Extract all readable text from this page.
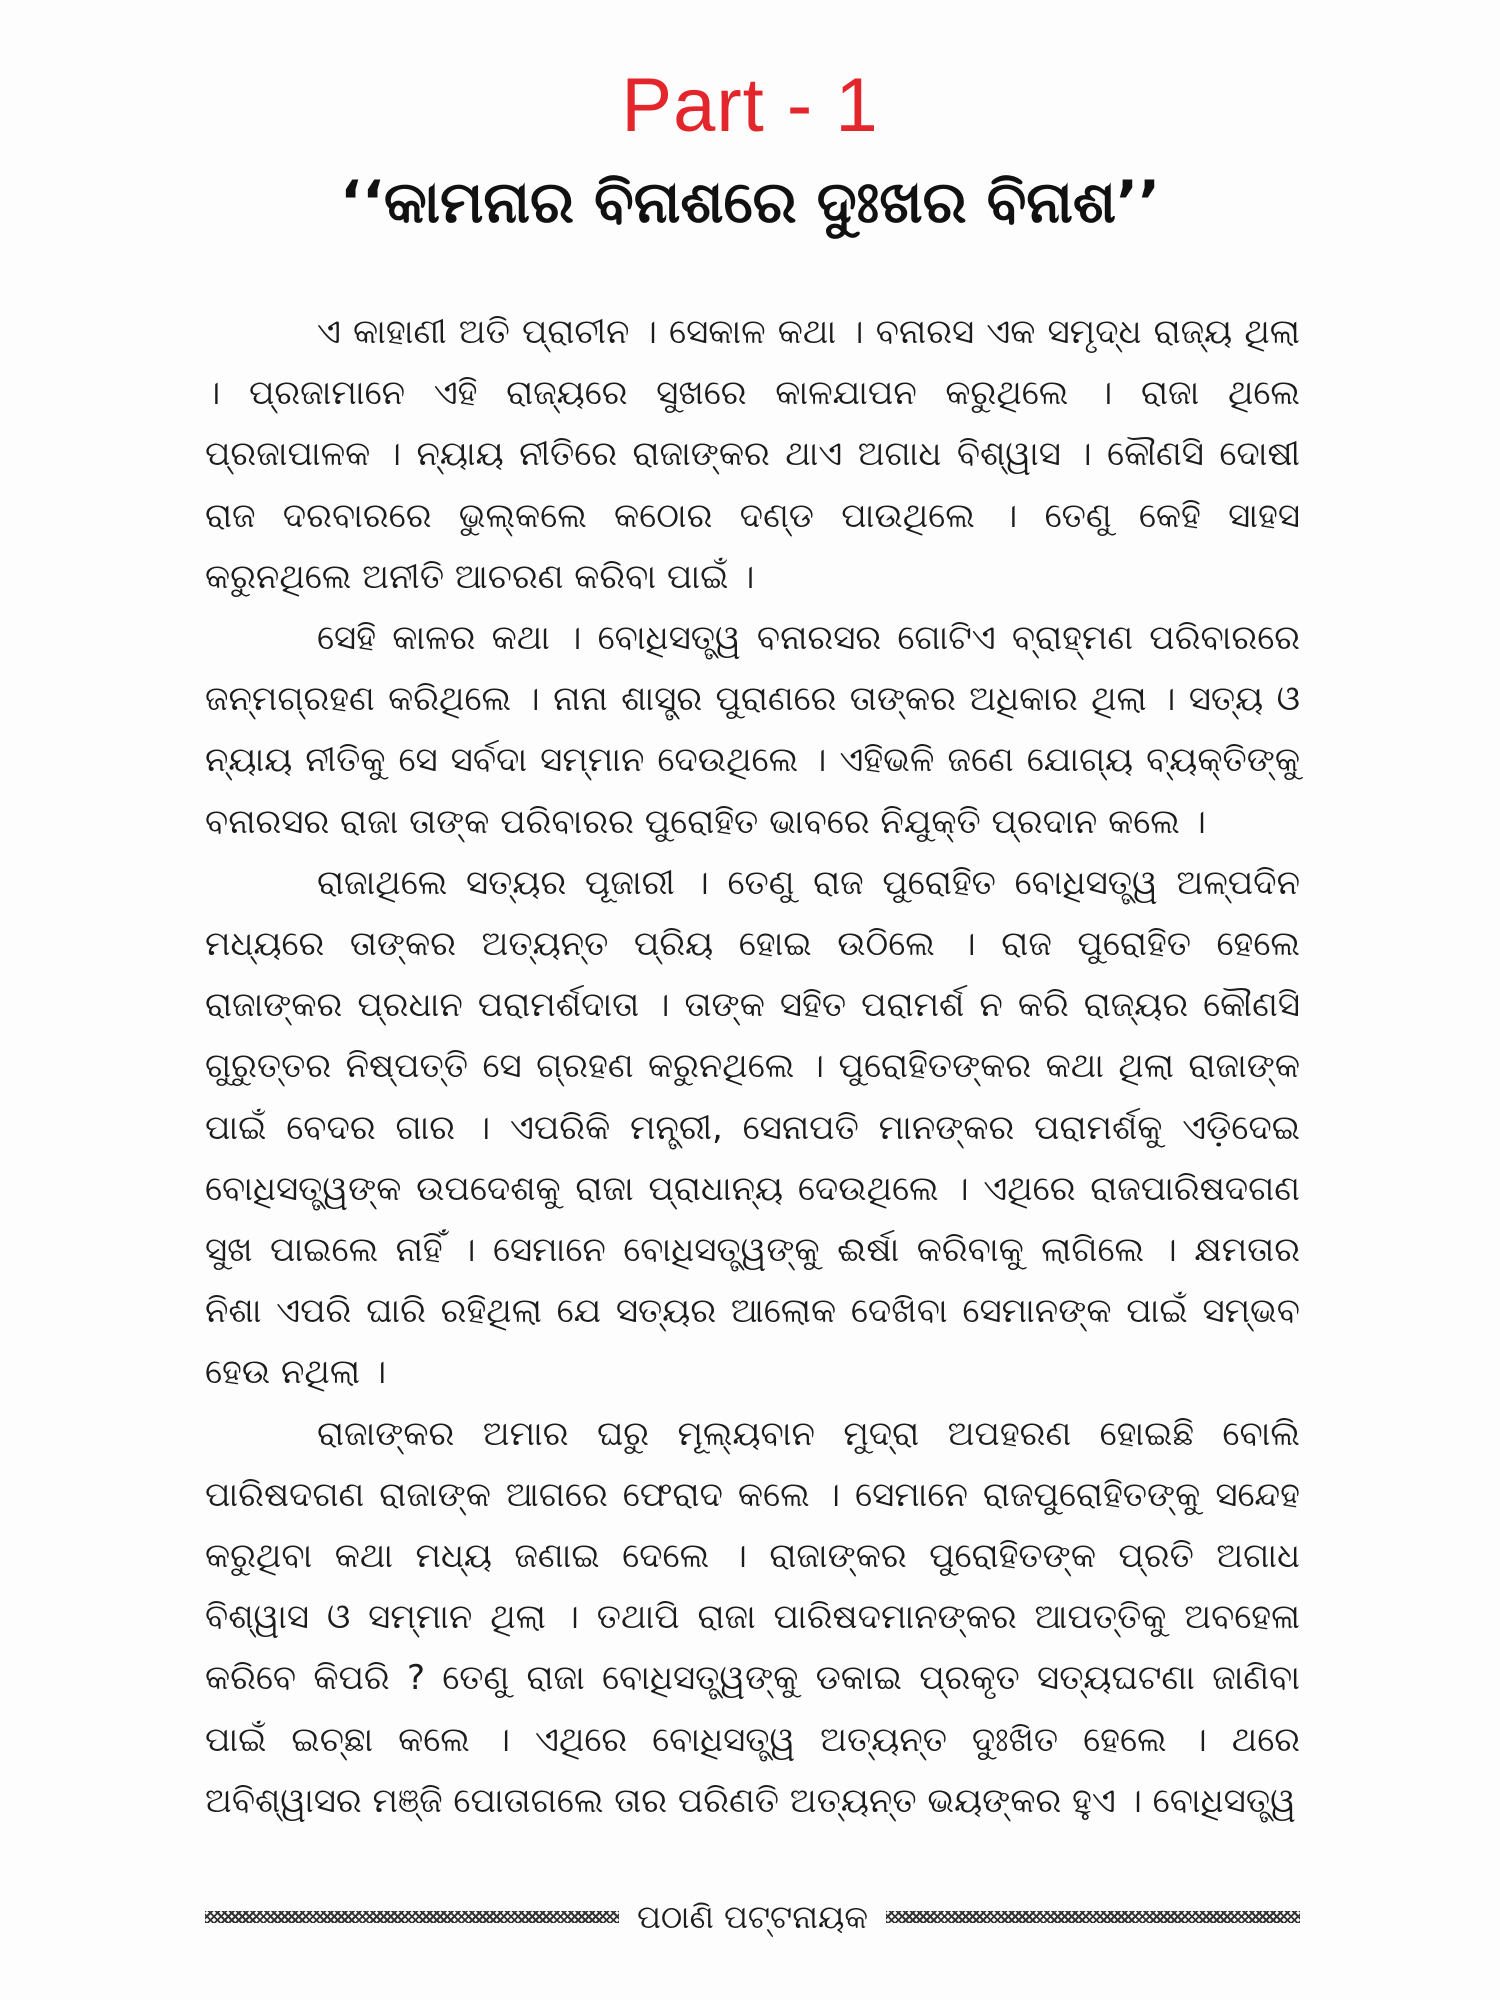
Part - 1
‘‘କାମନାର ବିନାଶରେ ଦୁଃଖର ବିନାଶ’’

ଏ କାହାଣୀ ଅତି ପ୍ରାଚୀନ । ସେକାଳ କଥା । ବନାରସ ଏକ ସମୃଦ୍ଧ ରାଜ୍ୟ ଥିଲା । ପ୍ରଜାମାନେ ଏହି ରାଜ୍ୟରେ ସୁଖରେ କାଳଯାପନ କରୁଥିଲେ । ରାଜା ଥିଲେ ପ୍ରଜାପାଳକ । ନ୍ୟାୟ ନୀତିରେ ରାଜାଙ୍କର ଥାଏ ଅଗାଧ ବିଶ୍ୱାସ । କୌଣସି ଦୋଷୀ ରାଜ ଦରବାରରେ ଭୁଲ୍‌କଲେ କଠୋର ଦଣ୍ଡ ପାଉଥିଲେ । ତେଣୁ କେହି ସାହସ କରୁନଥିଲେ ଅନୀତି ଆଚରଣ କରିବା ପାଇଁ ।

ସେହି କାଳର କଥା । ବୋଧିସତ୍ତ୍ୱ ବନାରସର ଗୋଟିଏ ବ୍ରାହ୍ମଣ ପରିବାରରେ ଜନ୍ମଗ୍ରହଣ କରିଥିଲେ । ନାନା ଶାସ୍ତ୍ର ପୁରାଣରେ ତାଙ୍କର ଅଧିକାର ଥିଲା । ସତ୍ୟ ଓ ନ୍ୟାୟ ନୀତିକୁ ସେ ସର୍ବଦା ସମ୍ମାନ ଦେଉଥିଲେ । ଏହିଭଳି ଜଣେ ଯୋଗ୍ୟ ବ୍ୟକ୍ତିଙ୍କୁ ବନାରସର ରାଜା ତାଙ୍କ ପରିବାରର ପୁରୋହିତ ଭାବରେ ନିଯୁକ୍ତି ପ୍ରଦାନ କଲେ ।

ରାଜାଥିଲେ ସତ୍ୟର ପୂଜାରୀ । ତେଣୁ ରାଜ ପୁରୋହିତ ବୋଧିସତ୍ତ୍ୱ ଅଳ୍ପଦିନ ମଧ୍ୟରେ ତାଙ୍କର ଅତ୍ୟନ୍ତ ପ୍ରିୟ ହୋଇ ଉଠିଲେ । ରାଜ ପୁରୋହିତ ହେଲେ ରାଜାଙ୍କର ପ୍ରଧାନ ପରାମର୍ଶଦାତା । ତାଙ୍କ ସହିତ ପରାମର୍ଶ ନ କରି ରାଜ୍ୟର କୌଣସି ଗୁରୁତ୍ତର ନିଷ୍ପତ୍ତି ସେ ଗ୍ରହଣ କରୁନଥିଲେ । ପୁରୋହିତଙ୍କର କଥା ଥିଲା ରାଜାଙ୍କ ପାଇଁ ବେଦର ଗାର । ଏପରିକି ମନ୍ତ୍ରୀ, ସେନାପତି ମାନଙ୍କର ପରାମର୍ଶକୁ ଏଡ଼ିଦେଇ ବୋଧିସତ୍ତ୍ୱଙ୍କ ଉପଦେଶକୁ ରାଜା ପ୍ରାଧାନ୍ୟ ଦେଉଥିଲେ । ଏଥିରେ ରାଜପାରିଷଦଗଣ ସୁଖ ପାଇଲେ ନାହିଁ । ସେମାନେ ବୋଧିସତ୍ତ୍ୱଙ୍କୁ ଈର୍ଷା କରିବାକୁ ଲାଗିଲେ । କ୍ଷମତାର ନିଶା ଏପରି ଘାରି ରହିଥିଲା ଯେ ସତ୍ୟର ଆଲୋକ ଦେଖିବା ସେମାନଙ୍କ ପାଇଁ ସମ୍ଭବ ହେଉ ନଥିଲା ।

ରାଜାଙ୍କର ଅମାର ଘରୁ ମୂଲ୍ୟବାନ ମୁଦ୍ରା ଅପହରଣ ହୋଇଛି ବୋଲି ପାରିଷଦଗଣ ରାଜାଙ୍କ ଆଗରେ ଫେରାଦ କଲେ । ସେମାନେ ରାଜପୁରୋହିତଙ୍କୁ ସନ୍ଦେହ କରୁଥିବା କଥା ମଧ୍ୟ ଜଣାଇ ଦେଲେ । ରାଜାଙ୍କର ପୁରୋହିତଙ୍କ ପ୍ରତି ଅଗାଧ ବିଶ୍ୱାସ ଓ ସମ୍ମାନ ଥିଲା । ତଥାପି ରାଜା ପାରିଷଦମାନଙ୍କର ଆପତ୍ତିକୁ ଅବହେଳା କରିବେ କିପରି ? ତେଣୁ ରାଜା ବୋଧିସତ୍ତ୍ୱଙ୍କୁ ଡକାଇ ପ୍ରକୃତ ସତ୍ୟଘଟଣା ଜାଣିବା ପାଇଁ ଇଚ୍ଛା କଲେ । ଏଥିରେ ବୋଧିସତ୍ତ୍ୱ ଅତ୍ୟନ୍ତ ଦୁଃଖିତ ହେଲେ । ଥରେ ଅବିଶ୍ୱାସର ମଞ୍ଜି ପୋତାଗଲେ ତାର ପରିଣତି ଅତ୍ୟନ୍ତ ଭୟଙ୍କର ହୁଏ । ବୋଧିସତ୍ତ୍ୱ

ପଠାଣି ପଟ୍ଟନାୟକ
